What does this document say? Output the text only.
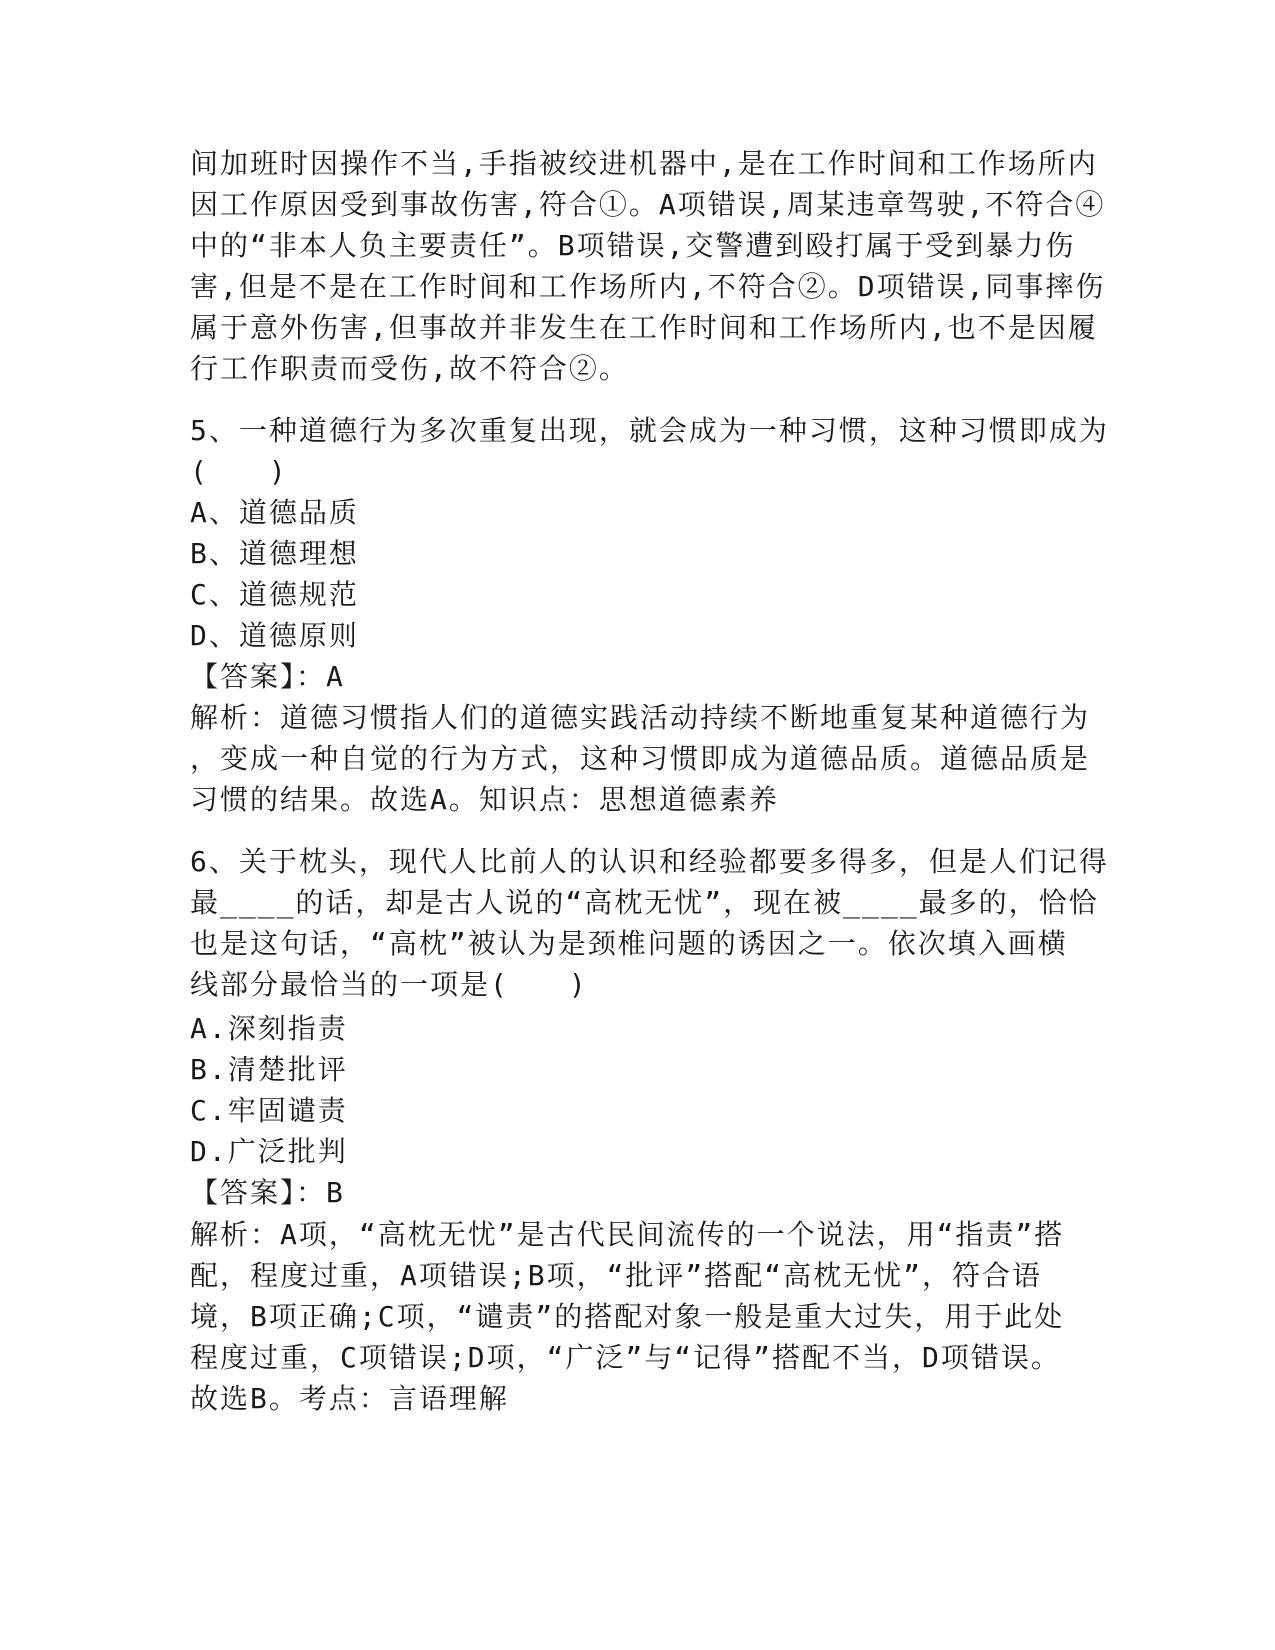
间加班时因操作不当,手指被绞进机器中,是在工作时间和工作场所内
因工作原因受到事故伤害,符合①。A项错误,周某违章驾驶,不符合④
中的“非本人负主要责任”。B项错误,交警遭到殴打属于受到暴力伤
害,但是不是在工作时间和工作场所内,不符合②。D项错误,同事摔伤
属于意外伤害,但事故并非发生在工作时间和工作场所内,也不是因履
行工作职责而受伤,故不符合②。
5、一种道德行为多次重复出现，就会成为一种习惯，这种习惯即成为
(　　)
A、道德品质
B、道德理想
C、道德规范
D、道德原则
【答案】：A
解析：道德习惯指人们的道德实践活动持续不断地重复某种道德行为
，变成一种自觉的行为方式，这种习惯即成为道德品质。道德品质是
习惯的结果。故选A。知识点：思想道德素养
6、关于枕头，现代人比前人的认识和经验都要多得多，但是人们记得
最____的话，却是古人说的“高枕无忧”，现在被____最多的，恰恰
也是这句话，“高枕”被认为是颈椎问题的诱因之一。依次填入画横
线部分最恰当的一项是(　　)
A.深刻指责
B.清楚批评
C.牢固谴责
D.广泛批判
【答案】：B
解析：A项，“高枕无忧”是古代民间流传的一个说法，用“指责”搭
配，程度过重，A项错误;B项，“批评”搭配“高枕无忧”，符合语
境，B项正确;C项，“谴责”的搭配对象一般是重大过失，用于此处
程度过重，C项错误;D项，“广泛”与“记得”搭配不当，D项错误。
故选B。考点：言语理解
